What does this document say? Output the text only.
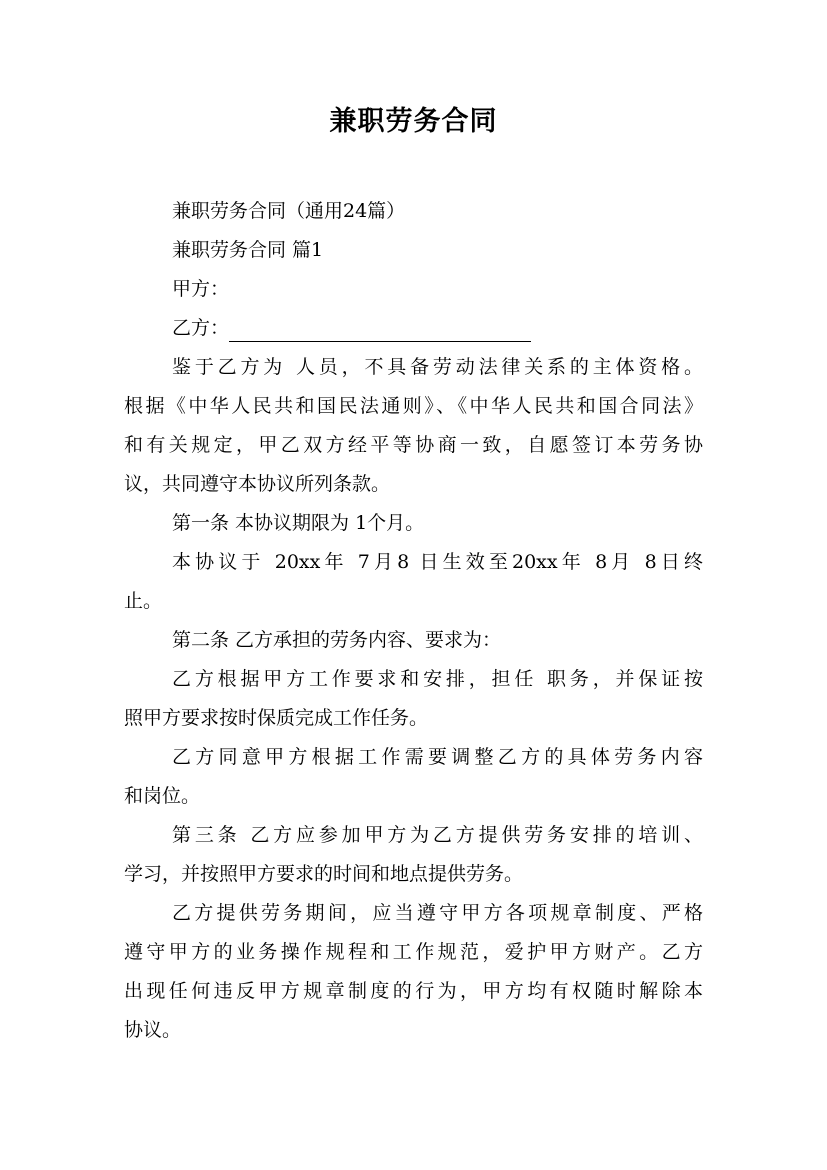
兼职劳务合同
兼职劳务合同（通用24篇）
兼职劳务合同 篇1
甲方：
乙方：
鉴于乙方为 人员，不具备劳动法律关系的主体资格。
根据《中华人民共和国民法通则》、《中华人民共和国合同法》
和有关规定，甲乙双方经平等协商一致，自愿签订本劳务协
议，共同遵守本协议所列条款。
第一条 本协议期限为 1个月。
本协议于 20xx年 7月8 日生效至20xx年 8月 8日终
止。
第二条 乙方承担的劳务内容、要求为：
乙方根据甲方工作要求和安排，担任 职务，并保证按
照甲方要求按时保质完成工作任务。
乙方同意甲方根据工作需要调整乙方的具体劳务内容
和岗位。
第三条 乙方应参加甲方为乙方提供劳务安排的培训、
学习，并按照甲方要求的时间和地点提供劳务。
乙方提供劳务期间，应当遵守甲方各项规章制度、严格
遵守甲方的业务操作规程和工作规范，爱护甲方财产。乙方
出现任何违反甲方规章制度的行为，甲方均有权随时解除本
协议。
